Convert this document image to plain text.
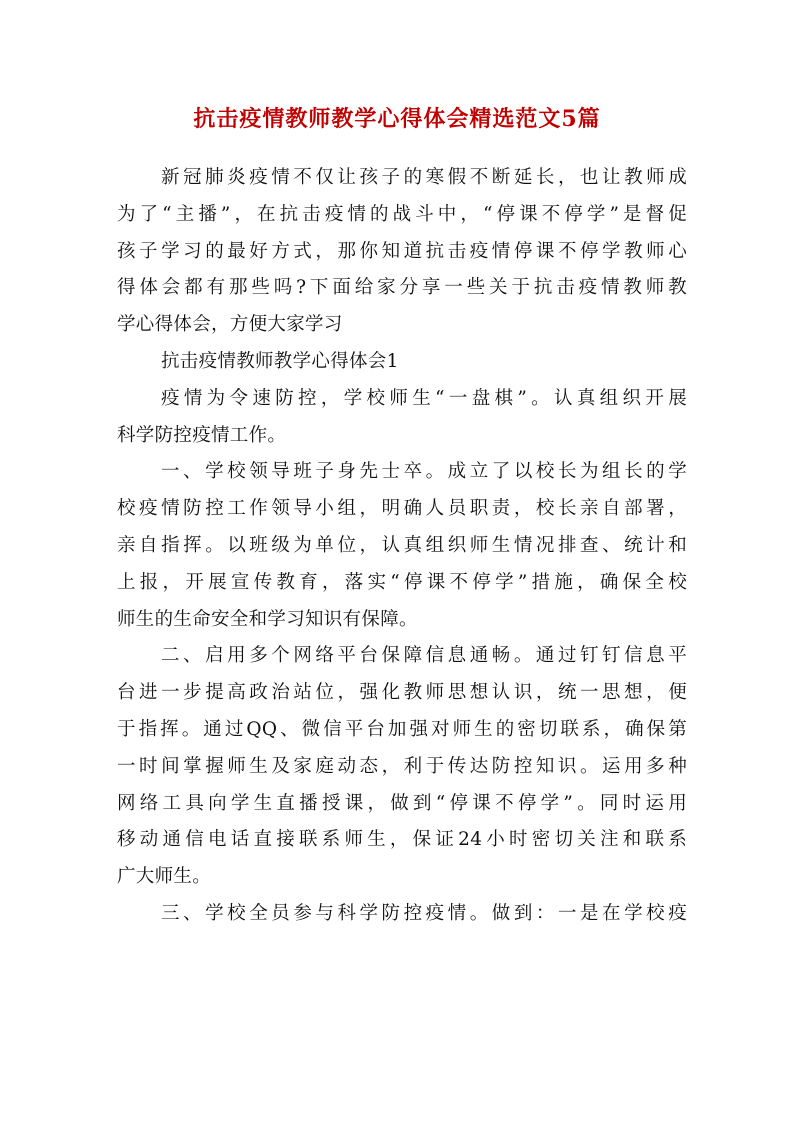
抗击疫情教师教学心得体会精选范文5篇
新冠肺炎疫情不仅让孩子的寒假不断延长，也让教师成
为了“主播”，在抗击疫情的战斗中，“停课不停学”是督促
孩子学习的最好方式，那你知道抗击疫情停课不停学教师心
得体会都有那些吗?下面给家分享一些关于抗击疫情教师教
学心得体会，方便大家学习
抗击疫情教师教学心得体会1
疫情为令速防控，学校师生“一盘棋”。认真组织开展
科学防控疫情工作。
一、学校领导班子身先士卒。成立了以校长为组长的学
校疫情防控工作领导小组，明确人员职责，校长亲自部署，
亲自指挥。以班级为单位，认真组织师生情况排查、统计和
上报，开展宣传教育，落实“停课不停学”措施，确保全校
师生的生命安全和学习知识有保障。
二、启用多个网络平台保障信息通畅。通过钉钉信息平
台进一步提高政治站位，强化教师思想认识，统一思想，便
于指挥。通过QQ、微信平台加强对师生的密切联系，确保第
一时间掌握师生及家庭动态，利于传达防控知识。运用多种
网络工具向学生直播授课，做到“停课不停学”。同时运用
移动通信电话直接联系师生，保证24小时密切关注和联系
广大师生。
三、学校全员参与科学防控疫情。做到：一是在学校疫
